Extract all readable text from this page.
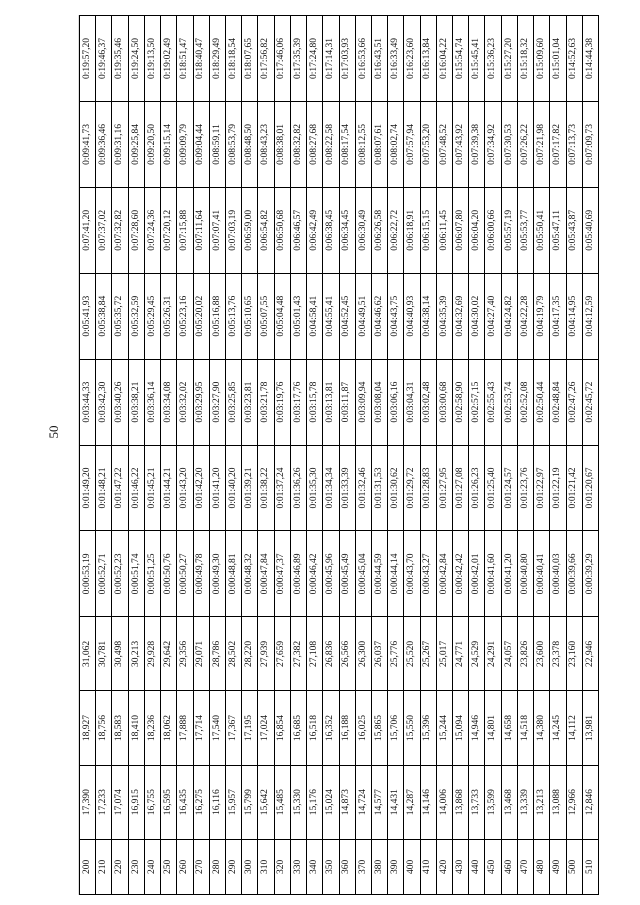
50
200	17,390	18,927	31,062	0:00:53,19	0:01:49,20	0:03:44,33	0:05:41,93	0:07:41,20	0:09:41,73	0:19:57,20
210	17,233	18,756	30,781	0:00:52,71	0:01:48,21	0:03:42,30	0:05:38,84	0:07:37,02	0:09:36,46	0:19:46,37
220	17,074	18,583	30,498	0:00:52,23	0:01:47,22	0:03:40,26	0:05:35,72	0:07:32,82	0:09:31,16	0:19:35,46
230	16,915	18,410	30,213	0:00:51,74	0:01:46,22	0:03:38,21	0:05:32,59	0:07:28,60	0:09:25,84	0:19:24,50
240	16,755	18,236	29,928	0:00:51,25	0:01:45,21	0:03:36,14	0:05:29,45	0:07:24,36	0:09:20,50	0:19:13,50
250	16,595	18,062	29,642	0:00:50,76	0:01:44,21	0:03:34,08	0:05:26,31	0:07:20,12	0:09:15,14	0:19:02,49
260	16,435	17,888	29,356	0:00:50,27	0:01:43,20	0:03:32,02	0:05:23,16	0:07:15,88	0:09:09,79	0:18:51,47
270	16,275	17,714	29,071	0:00:49,78	0:01:42,20	0:03:29,95	0:05:20,02	0:07:11,64	0:09:04,44	0:18:40,47
280	16,116	17,540	28,786	0:00:49,30	0:01:41,20	0:03:27,90	0:05:16,88	0:07:07,41	0:08:59,11	0:18:29,49
290	15,957	17,367	28,502	0:00:48,81	0:01:40,20	0:03:25,85	0:05:13,76	0:07:03,19	0:08:53,79	0:18:18,54
300	15,799	17,195	28,220	0:00:48,32	0:01:39,21	0:03:23,81	0:05:10,65	0:06:59,00	0:08:48,50	0:18:07,65
310	15,642	17,024	27,939	0:00:47,84	0:01:38,22	0:03:21,78	0:05:07,55	0:06:54,82	0:08:43,23	0:17:56,82
320	15,485	16,854	27,659	0:00:47,37	0:01:37,24	0:03:19,76	0:05:04,48	0:06:50,68	0:08:38,01	0:17:46,06
330	15,330	16,685	27,382	0:00:46,89	0:01:36,26	0:03:17,76	0:05:01,43	0:06:46,57	0:08:32,82	0:17:35,39
340	15,176	16,518	27,108	0:00:46,42	0:01:35,30	0:03:15,78	0:04:58,41	0:06:42,49	0:08:27,68	0:17:24,80
350	15,024	16,352	26,836	0:00:45,96	0:01:34,34	0:03:13,81	0:04:55,41	0:06:38,45	0:08:22,58	0:17:14,31
360	14,873	16,188	26,566	0:00:45,49	0:01:33,39	0:03:11,87	0:04:52,45	0:06:34,45	0:08:17,54	0:17:03,93
370	14,724	16,025	26,300	0:00:45,04	0:01:32,46	0:03:09,94	0:04:49,51	0:06:30,49	0:08:12,55	0:16:53,66
380	14,577	15,865	26,037	0:00:44,59	0:01:31,53	0:03:08,04	0:04:46,62	0:06:26,58	0:08:07,61	0:16:43,51
390	14,431	15,706	25,776	0:00:44,14	0:01:30,62	0:03:06,16	0:04:43,75	0:06:22,72	0:08:02,74	0:16:33,49
400	14,287	15,550	25,520	0:00:43,70	0:01:29,72	0:03:04,31	0:04:40,93	0:06:18,91	0:07:57,94	0:16:23,60
410	14,146	15,396	25,267	0:00:43,27	0:01:28,83	0:03:02,48	0:04:38,14	0:06:15,15	0:07:53,20	0:16:13,84
420	14,006	15,244	25,017	0:00:42,84	0:01:27,95	0:03:00,68	0:04:35,39	0:06:11,45	0:07:48,52	0:16:04,22
430	13,868	15,094	24,771	0:00:42,42	0:01:27,08	0:02:58,90	0:04:32,69	0:06:07,80	0:07:43,92	0:15:54,74
440	13,733	14,946	24,529	0:00:42,01	0:01:26,23	0:02:57,15	0:04:30,02	0:06:04,20	0:07:39,38	0:15:45,41
450	13,599	14,801	24,291	0:00:41,60	0:01:25,40	0:02:55,43	0:04:27,40	0:06:00,66	0:07:34,92	0:15:36,23
460	13,468	14,658	24,057	0:00:41,20	0:01:24,57	0:02:53,74	0:04:24,82	0:05:57,19	0:07:30,53	0:15:27,20
470	13,339	14,518	23,826	0:00:40,80	0:01:23,76	0:02:52,08	0:04:22,28	0:05:53,77	0:07:26,22	0:15:18,32
480	13,213	14,380	23,600	0:00:40,41	0:01:22,97	0:02:50,44	0:04:19,79	0:05:50,41	0:07:21,98	0:15:09,60
490	13,088	14,245	23,378	0:00:40,03	0:01:22,19	0:02:48,84	0:04:17,35	0:05:47,11	0:07:17,82	0:15:01,04
500	12,966	14,112	23,160	0:00:39,66	0:01:21,42	0:02:47,26	0:04:14,95	0:05:43,87	0:07:13,73	0:14:52,63
510	12,846	13,981	22,946	0:00:39,29	0:01:20,67	0:02:45,72	0:04:12,59	0:05:40,69	0:07:09,73	0:14:44,38
